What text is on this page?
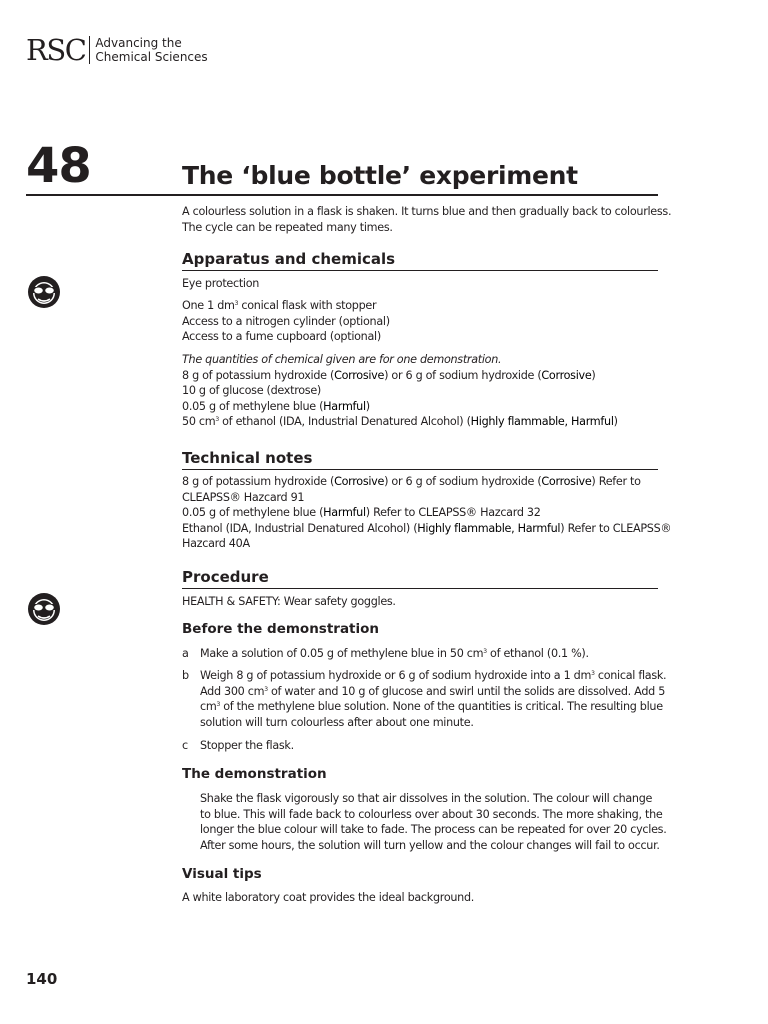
RSC Advancing the
Chemical Sciences
48	The ‘blue bottle’ experiment
A colourless solution in a flask is shaken. It turns blue and then gradually back to colourless.
The cycle can be repeated many times.
Apparatus and chemicals
Eye protection
One 1 $dm^3$ conical flask with stopper
Access to a nitrogen cylinder (optional)
Access to a fume cupboard (optional)
The quantities of chemical given are for one demonstration.
8 g of potassium hydroxide (Corrosive) or 6 g of sodium hydroxide (Corrosive)
10 g of glucose (dextrose)
0.05 g of methylene blue (Harmful)
50 $cm^3$ of ethanol (IDA, Industrial Denatured Alcohol) (Highly flammable, Harmful)
Technical notes
8 g of potassium hydroxide (Corrosive) or 6 g of sodium hydroxide (Corrosive) Refer to
CLEAPSS® Hazcard 91
0.05 g of methylene blue (Harmful) Refer to CLEAPSS® Hazcard 32
Ethanol (IDA, Industrial Denatured Alcohol) (Highly flammable, Harmful) Refer to CLEAPSS®
Hazcard 40A
Procedure
HEALTH & SAFETY: Wear safety goggles.
Before the demonstration
a Make a solution of 0.05 g of methylene blue in 50 $cm^3$ of ethanol (0.1 %).
b Weigh 8 g of potassium hydroxide or 6 g of sodium hydroxide into a 1 $dm^3$ conical flask.
Add 300 $cm^3$ of water and 10 g of glucose and swirl until the solids are dissolved. Add 5
$cm^3$ of the methylene blue solution. None of the quantities is critical. The resulting blue
solution will turn colourless after about one minute.
c Stopper the flask.
The demonstration
Shake the flask vigorously so that air dissolves in the solution. The colour will change
to blue. This will fade back to colourless over about 30 seconds. The more shaking, the
longer the blue colour will take to fade. The process can be repeated for over 20 cycles.
After some hours, the solution will turn yellow and the colour changes will fail to occur.
Visual tips
A white laboratory coat provides the ideal background.
140
